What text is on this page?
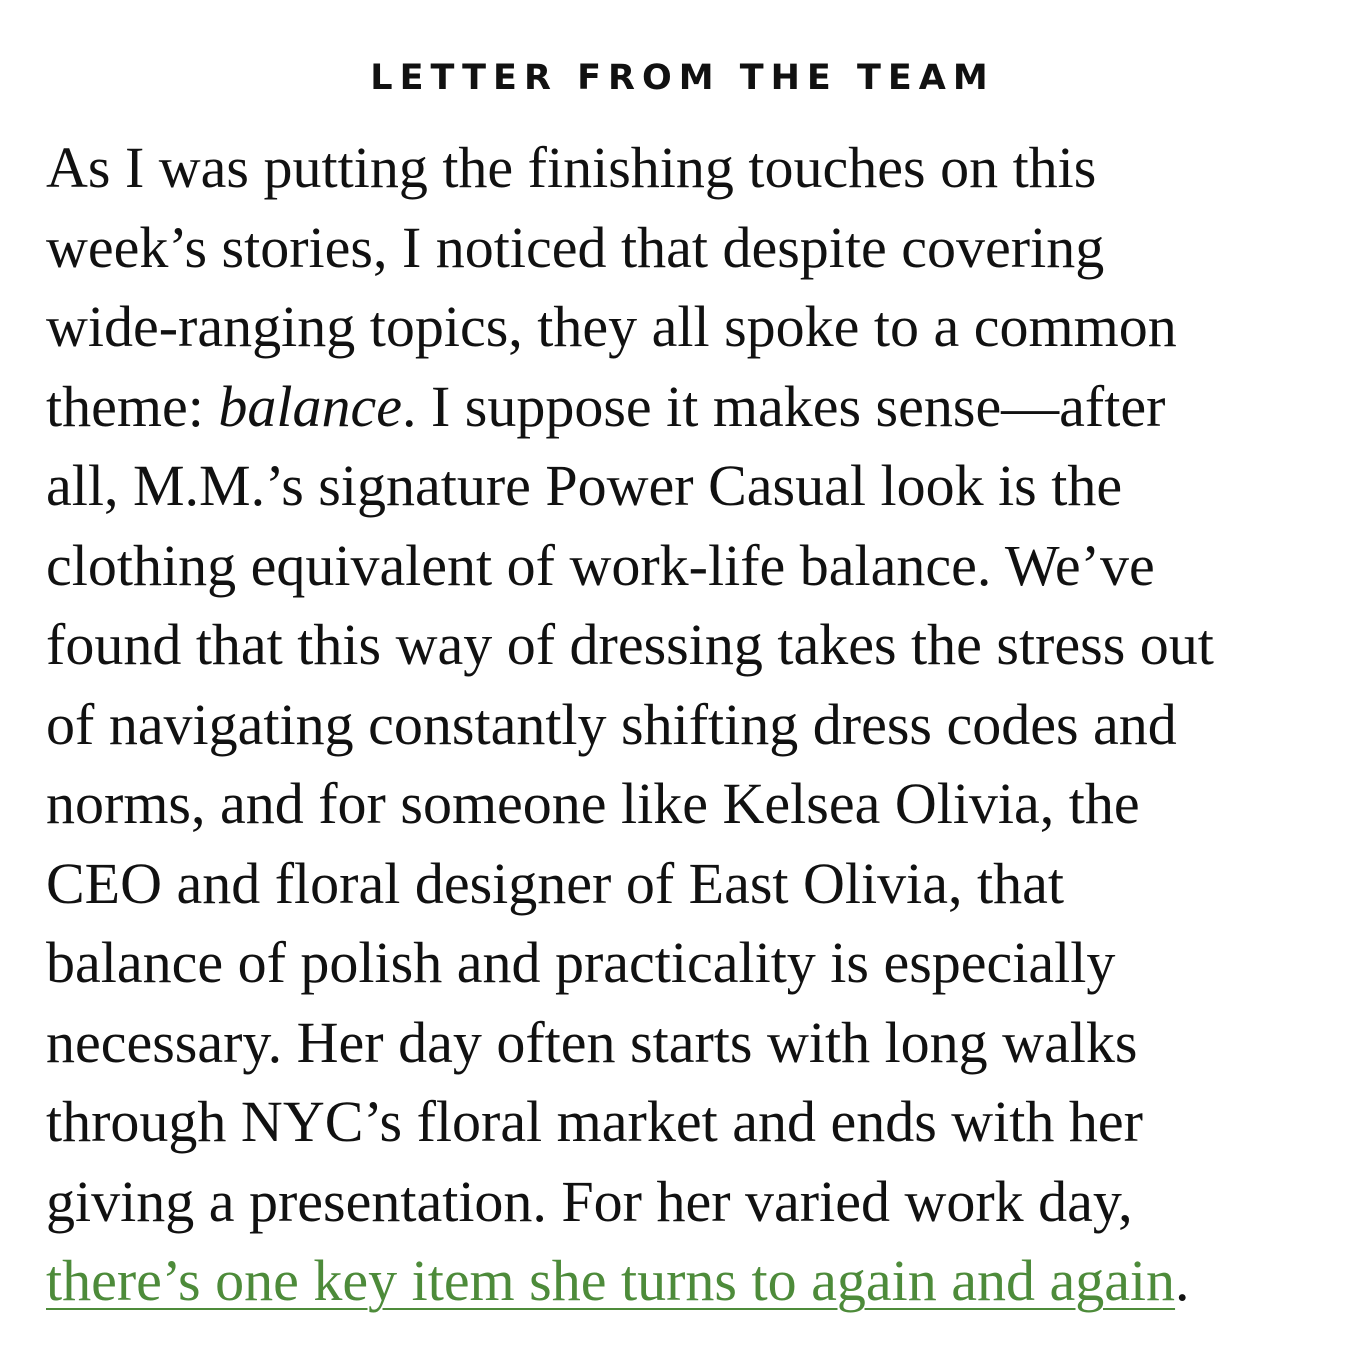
LETTER FROM THE TEAM

As I was putting the finishing touches on this
week’s stories, I noticed that despite covering
wide-ranging topics, they all spoke to a common
theme: balance. I suppose it makes sense—after
all, M.M.’s signature Power Casual look is the
clothing equivalent of work-life balance. We’ve
found that this way of dressing takes the stress out
of navigating constantly shifting dress codes and
norms, and for someone like Kelsea Olivia, the
CEO and floral designer of East Olivia, that
balance of polish and practicality is especially
necessary. Her day often starts with long walks
through NYC’s floral market and ends with her
giving a presentation. For her varied work day,
there’s one key item she turns to again and again.
